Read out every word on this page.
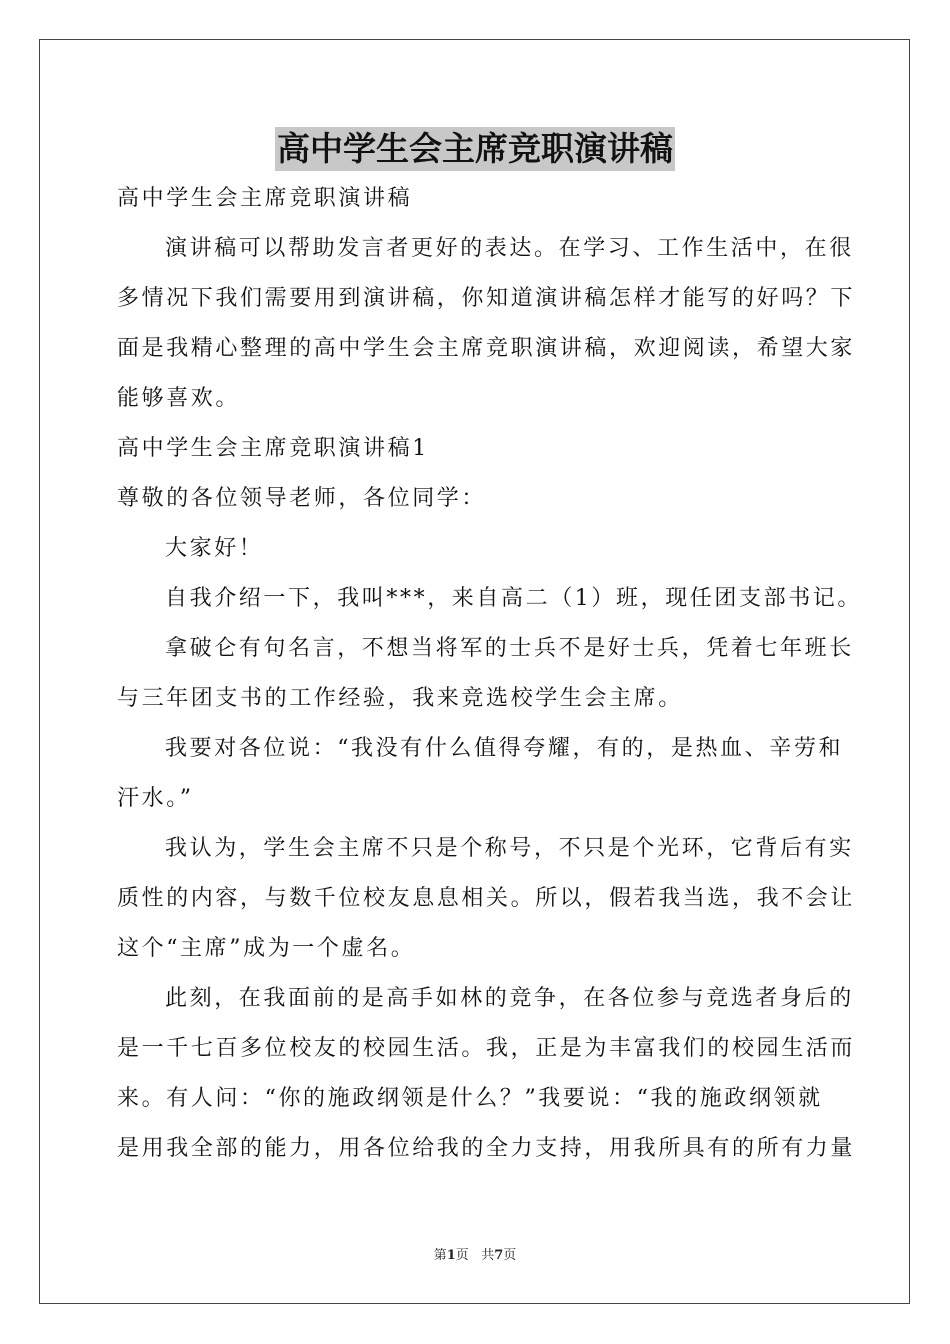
高中学生会主席竞职演讲稿
高中学生会主席竞职演讲稿
演讲稿可以帮助发言者更好的表达。在学习、工作生活中，在很
多情况下我们需要用到演讲稿，你知道演讲稿怎样才能写的好吗？下
面是我精心整理的高中学生会主席竞职演讲稿，欢迎阅读，希望大家
能够喜欢。
高中学生会主席竞职演讲稿1
尊敬的各位领导老师，各位同学：
大家好！
自我介绍一下，我叫***，来自高二（1）班，现任团支部书记。
拿破仑有句名言，不想当将军的士兵不是好士兵，凭着七年班长
与三年团支书的工作经验，我来竞选校学生会主席。
我要对各位说：“我没有什么值得夸耀，有的，是热血、辛劳和
汗水。”
我认为，学生会主席不只是个称号，不只是个光环，它背后有实
质性的内容，与数千位校友息息相关。所以，假若我当选，我不会让
这个“主席”成为一个虚名。
此刻，在我面前的是高手如林的竞争，在各位参与竞选者身后的
是一千七百多位校友的校园生活。我，正是为丰富我们的校园生活而
来。有人问：“你的施政纲领是什么？”我要说：“我的施政纲领就
是用我全部的能力，用各位给我的全力支持，用我所具有的所有力量
第1页 共7页
